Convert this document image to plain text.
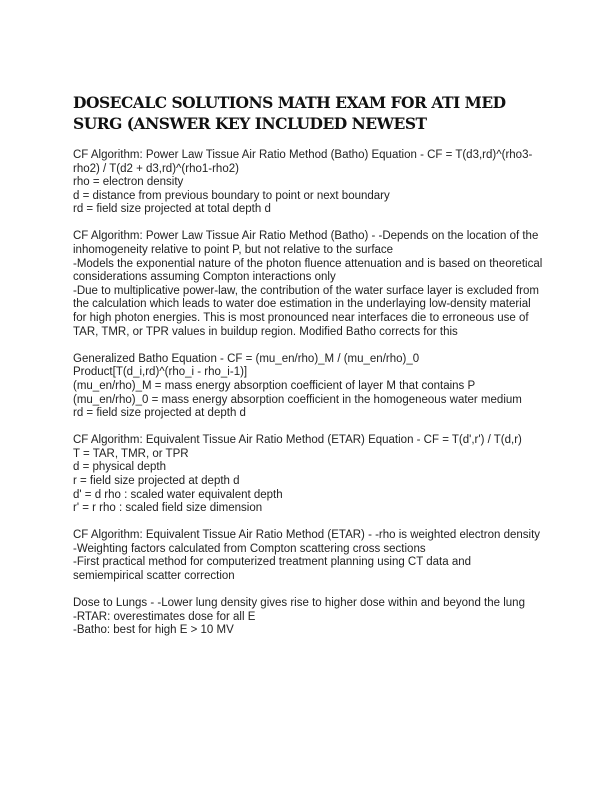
DOSECALC SOLUTIONS MATH EXAM FOR ATI MED SURG (ANSWER KEY INCLUDED NEWEST
CF Algorithm: Power Law Tissue Air Ratio Method (Batho) Equation - CF = T(d3,rd)^(rho3-rho2) / T(d2 + d3,rd)^(rho1-rho2)
rho = electron density
d = distance from previous boundary to point or next boundary
rd = field size projected at total depth d
CF Algorithm: Power Law Tissue Air Ratio Method (Batho) - -Depends on the location of the inhomogeneity relative to point P, but not relative to the surface
-Models the exponential nature of the photon fluence attenuation and is based on theoretical considerations assuming Compton interactions only
-Due to multiplicative power-law, the contribution of the water surface layer is excluded from the calculation which leads to water doe estimation in the underlaying low-density material for high photon energies. This is most pronounced near interfaces die to erroneous use of TAR, TMR, or TPR values in buildup region. Modified Batho corrects for this
Generalized Batho Equation - CF = (mu_en/rho)_M / (mu_en/rho)_0 Product[T(d_i,rd)^(rho_i - rho_i-1)]
(mu_en/rho)_M = mass energy absorption coefficient of layer M that contains P
(mu_en/rho)_0 = mass energy absorption coefficient in the homogeneous water medium
rd = field size projected at depth d
CF Algorithm: Equivalent Tissue Air Ratio Method (ETAR) Equation - CF = T(d',r') / T(d,r)
T = TAR, TMR, or TPR
d = physical depth
r = field size projected at depth d
d' = d rho : scaled water equivalent depth
r' = r rho : scaled field size dimension
CF Algorithm: Equivalent Tissue Air Ratio Method (ETAR) - -rho is weighted electron density
-Weighting factors calculated from Compton scattering cross sections
-First practical method for computerized treatment planning using CT data and semiempirical scatter correction
Dose to Lungs - -Lower lung density gives rise to higher dose within and beyond the lung
-RTAR: overestimates dose for all E
-Batho: best for high E > 10 MV
